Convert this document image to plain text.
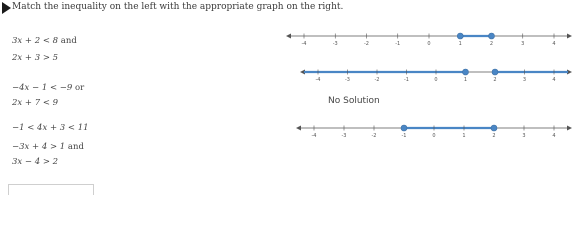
Match the inequality on the left with the appropriate graph on the right.
3x + 2 < 8 and
2x + 3 > 5
−4x − 1 < −9 or
2x + 7 < 9
−1 < 4x + 3 < 11
−3x + 4 > 1 and
3x − 4 > 2
-4	-3	-2	-1	0	1	2	3	4
-4	-3	-2	-1	0	1	2	3	4
No Solution
-4	-3	-2	-1	0	1	2	3	4
